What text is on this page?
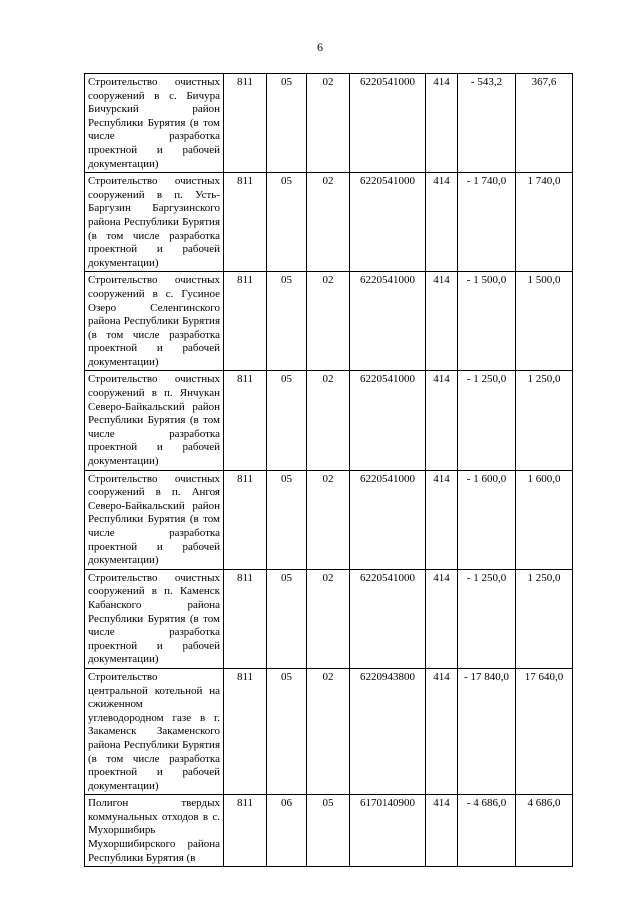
6
Строительство очистных сооружений в с. Бичура Бичурский район Республики Бурятия (в том числе разработка проектной и рабочей документации)	811	05	02	6220541000	414	- 543,2	367,6
Строительство очистных сооружений в п. Усть-Баргузин Баргузинского района Республики Бурятия (в том числе разработка проектной и рабочей документации)	811	05	02	6220541000	414	- 1 740,0	1 740,0
Строительство очистных сооружений в с. Гусиное Озеро Селенгинского района Республики Бурятия (в том числе разработка проектной и рабочей документации)	811	05	02	6220541000	414	- 1 500,0	1 500,0
Строительство очистных сооружений в п. Янчукан Северо-Байкальский район Республики Бурятия (в том числе разработка проектной и рабочей документации)	811	05	02	6220541000	414	- 1 250,0	1 250,0
Строительство очистных сооружений в п. Ангоя Северо-Байкальский район Республики Бурятия (в том числе разработка проектной и рабочей документации)	811	05	02	6220541000	414	- 1 600,0	1 600,0
Строительство очистных сооружений в п. Каменск Кабанского района Республики Бурятия (в том числе разработка проектной и рабочей документации)	811	05	02	6220541000	414	- 1 250,0	1 250,0
Строительство центральной котельной на сжиженном углеводородном газе в г. Закаменск Закаменского района Республики Бурятия (в том числе разработка проектной и рабочей документации)	811	05	02	6220943800	414	- 17 840,0	17 640,0
Полигон твердых коммунальных отходов в с. Мухоршибирь Мухоршибирского района Республики Бурятия (в	811	06	05	6170140900	414	- 4 686,0	4 686,0
